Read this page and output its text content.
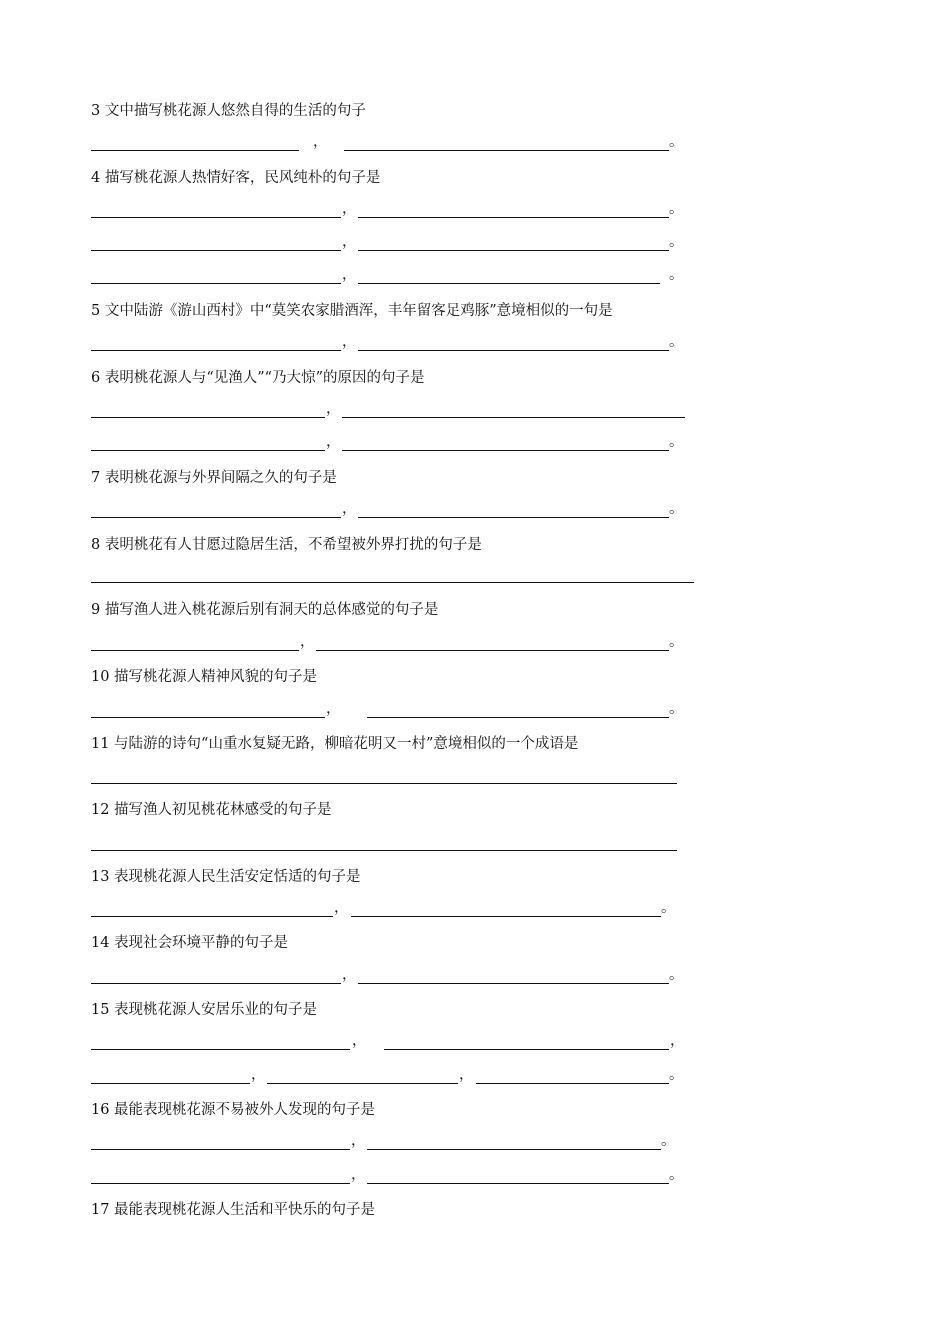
3 文中描写桃花源人悠然自得的生活的句子
，	。
4 描写桃花源人热情好客，民风纯朴的句子是
，	。
，	。
，	。
5 文中陆游《游山西村》中“莫笑农家腊酒浑，丰年留客足鸡豚”意境相似的一句是
，	。
6 表明桃花源人与“见渔人”“乃大惊”的原因的句子是
，
，	。
7 表明桃花源与外界间隔之久的句子是
，	。
8 表明桃花有人甘愿过隐居生活，不希望被外界打扰的句子是
9 描写渔人进入桃花源后别有洞天的总体感觉的句子是
，	。
10 描写桃花源人精神风貌的句子是
，	。
11 与陆游的诗句“山重水复疑无路，柳暗花明又一村”意境相似的一个成语是
12 描写渔人初见桃花林感受的句子是
13 表现桃花源人民生活安定恬适的句子是
，	。
14 表现社会环境平静的句子是
，	。
15 表现桃花源人安居乐业的句子是
，	，
，	，	。
16 最能表现桃花源不易被外人发现的句子是
，	。
，	。
17 最能表现桃花源人生活和平快乐的句子是
